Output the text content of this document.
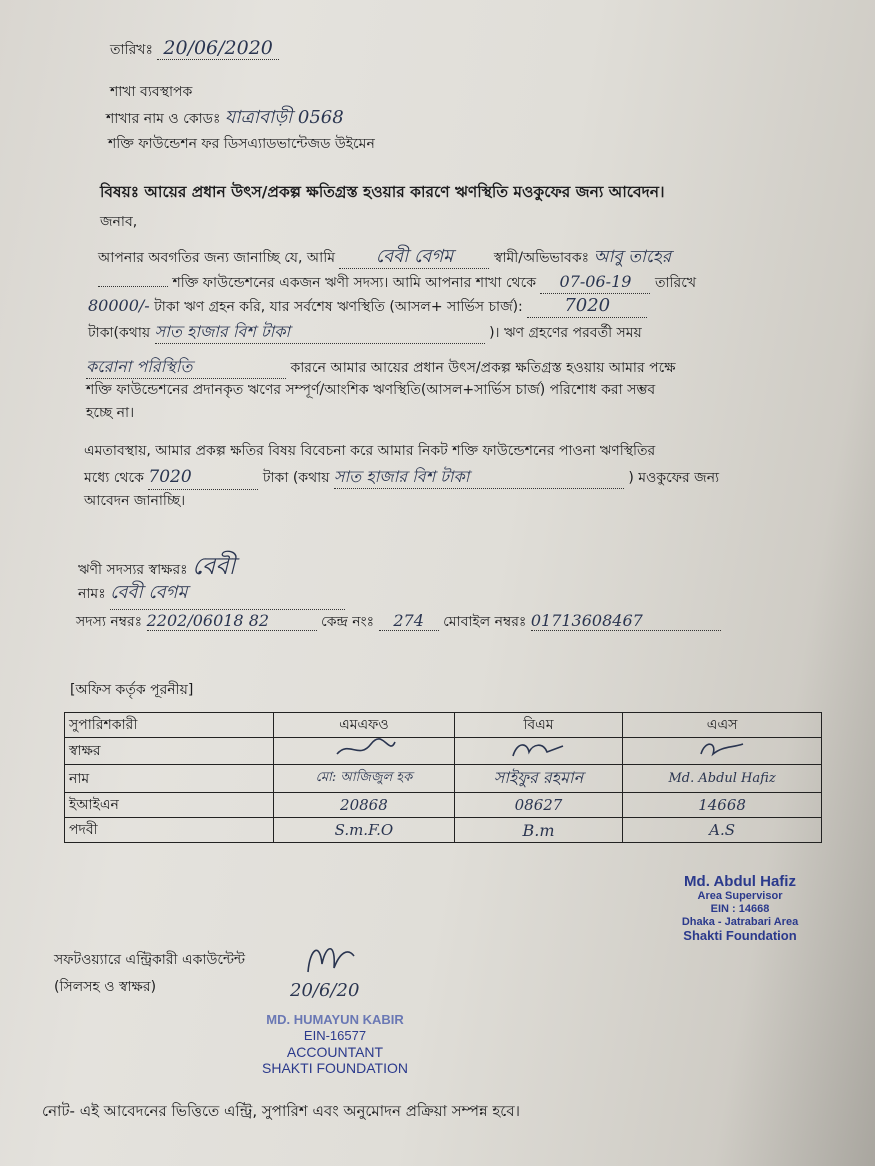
তারিখঃ 20/06/2020
শাখা ব্যবস্থাপক
শাখার নাম ও কোডঃ যাত্রাবাড়ী 0568
শক্তি ফাউন্ডেশন ফর ডিসএ্যাডভান্টেজড উইমেন
বিষয়ঃ আয়ের প্রধান উৎস/প্রকল্প ক্ষতিগ্রস্ত হওয়ার কারণে ঋণস্থিতি মওকুফের জন্য আবেদন।
জনাব,
আপনার অবগতির জন্য জানাচ্ছি যে, আমি বেবী বেগম	স্বামী/অভিভাবকঃ আবু তাহের
শক্তি ফাউন্ডেশনের একজন ঋণী সদস্য। আমি আপনার শাখা থেকে 07-06-19 তারিখে
80000/- টাকা ঋণ গ্রহন করি, যার সর্বশেষ ঋণস্থিতি (আসল+ সার্ভিস চার্জ): 7020
টাকা(কথায় সাত হাজার বিশ টাকা	)। ঋণ গ্রহণের পরবর্তী সময়
করোনা পরিস্থিতি	কারনে আমার আয়ের প্রধান উৎস/প্রকল্প ক্ষতিগ্রস্ত হওয়ায় আমার পক্ষে
শক্তি ফাউন্ডেশনের প্রদানকৃত ঋণের সম্পূর্ণ/আংশিক ঋণস্থিতি(আসল+সার্ভিস চার্জ) পরিশোধ করা সম্ভব
হচ্ছে না।
এমতাবস্থায়, আমার প্রকল্প ক্ষতির বিষয় বিবেচনা করে আমার নিকট শক্তি ফাউন্ডেশনের পাওনা ঋণস্থিতির
মধ্যে থেকে 7020	টাকা (কথায় সাত হাজার বিশ টাকা	) মওকুফের জন্য
আবেদন জানাচ্ছি।
ঋণী সদস্যর স্বাক্ষরঃ বেবী
নামঃ বেবী বেগম
সদস্য নম্বরঃ 2202/06018 82	কেন্দ্র নংঃ 274 মোবাইল নম্বরঃ 01713608467
[অফিস কর্তৃক পূরনীয়]
সুপারিশকারী	এমএফও	বিএম	এএস
স্বাক্ষর			
নাম	মো: আজিজুল হক	সাইফুর রহমান	Md. Abdul Hafiz
ইআইএন	20868	08627	14668
পদবী	S.m.F.O	B.m	A.S
Md. Abdul Hafiz
Area Supervisor
EIN : 14668
Dhaka - Jatrabari Area
Shakti Foundation
সফটওয়্যারে এন্ট্রিকারী একাউন্টেন্ট
(সিলসহ ও স্বাক্ষর)	20/6/20
MD. HUMAYUN KABIR
EIN-16577
ACCOUNTANT
SHAKTI FOUNDATION
নোট- এই আবেদনের ভিত্তিতে এন্ট্রি, সুপারিশ এবং অনুমোদন প্রক্রিয়া সম্পন্ন হবে।
